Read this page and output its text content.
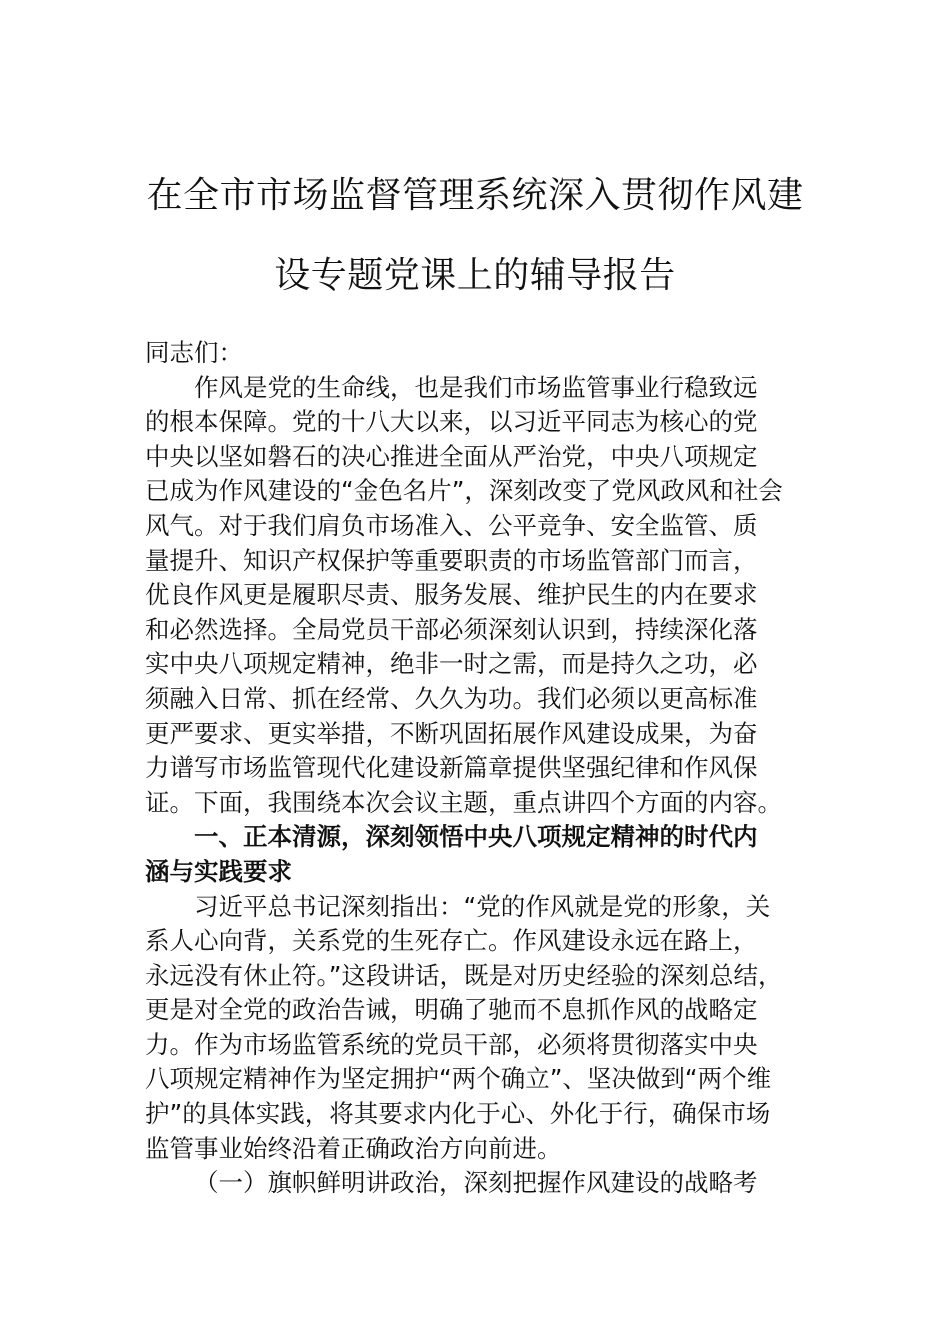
在全市市场监督管理系统深入贯彻作风建
设专题党课上的辅导报告
同志们：
作风是党的生命线，也是我们市场监管事业行稳致远
的根本保障。党的十八大以来，以习近平同志为核心的党
中央以坚如磐石的决心推进全面从严治党，中央八项规定
已成为作风建设的“金色名片”，深刻改变了党风政风和社会
风气。对于我们肩负市场准入、公平竞争、安全监管、质
量提升、知识产权保护等重要职责的市场监管部门而言，
优良作风更是履职尽责、服务发展、维护民生的内在要求
和必然选择。全局党员干部必须深刻认识到，持续深化落
实中央八项规定精神，绝非一时之需，而是持久之功，必
须融入日常、抓在经常、久久为功。我们必须以更高标准
更严要求、更实举措，不断巩固拓展作风建设成果，为奋
力谱写市场监管现代化建设新篇章提供坚强纪律和作风保
证。下面，我围绕本次会议主题，重点讲四个方面的内容。
一、正本清源，深刻领悟中央八项规定精神的时代内
涵与实践要求
习近平总书记深刻指出：“党的作风就是党的形象，关
系人心向背，关系党的生死存亡。作风建设永远在路上，
永远没有休止符。”这段讲话，既是对历史经验的深刻总结，
更是对全党的政治告诫，明确了驰而不息抓作风的战略定
力。作为市场监管系统的党员干部，必须将贯彻落实中央
八项规定精神作为坚定拥护“两个确立”、坚决做到“两个维
护”的具体实践，将其要求内化于心、外化于行，确保市场
监管事业始终沿着正确政治方向前进。
（一）旗帜鲜明讲政治，深刻把握作风建设的战略考
